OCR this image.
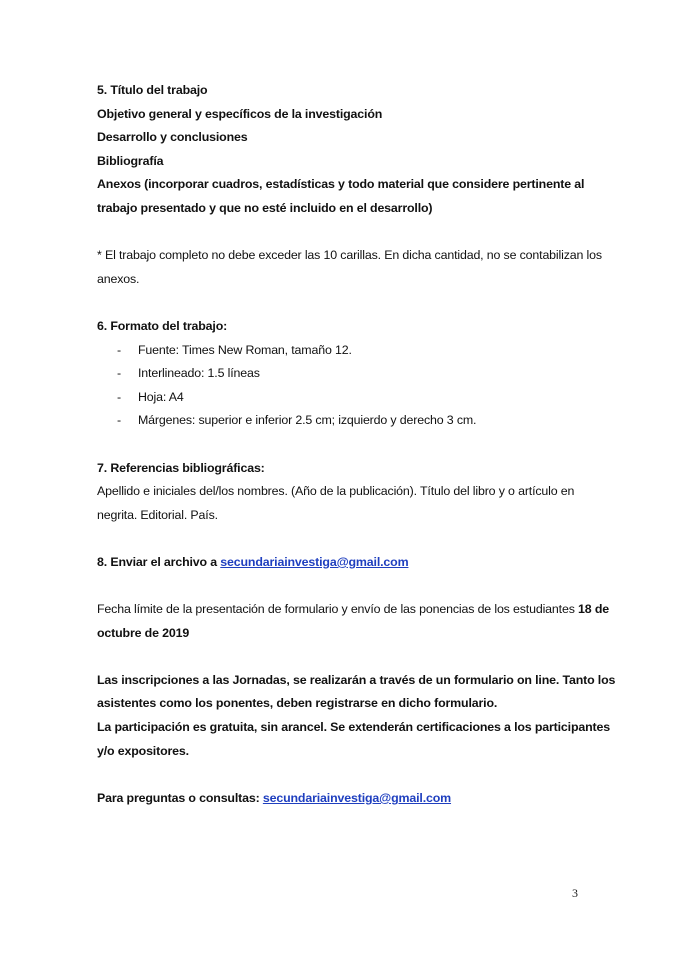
5. Título del trabajo
Objetivo general y específicos de la investigación
Desarrollo y conclusiones
Bibliografía
Anexos (incorporar cuadros, estadísticas y todo material que considere pertinente al
trabajo presentado y que no esté incluido en el desarrollo)
* El trabajo completo no debe exceder las 10 carillas. En dicha cantidad, no se contabilizan los
anexos.
6. Formato del trabajo:
- Fuente: Times New Roman, tamaño 12.
- Interlineado: 1.5 líneas
- Hoja: A4
- Márgenes: superior e inferior 2.5 cm; izquierdo y derecho 3 cm.
7. Referencias bibliográficas:
Apellido e iniciales del/los nombres. (Año de la publicación). Título del libro y o artículo en
negrita. Editorial. País.
8. Enviar el archivo a secundariainvestiga@gmail.com
Fecha límite de la presentación de formulario y envío de las ponencias de los estudiantes 18 de
octubre de 2019
Las inscripciones a las Jornadas, se realizarán a través de un formulario on line. Tanto los
asistentes como los ponentes, deben registrarse en dicho formulario.
La participación es gratuita, sin arancel. Se extenderán certificaciones a los participantes
y/o expositores.
Para preguntas o consultas: secundariainvestiga@gmail.com
3
